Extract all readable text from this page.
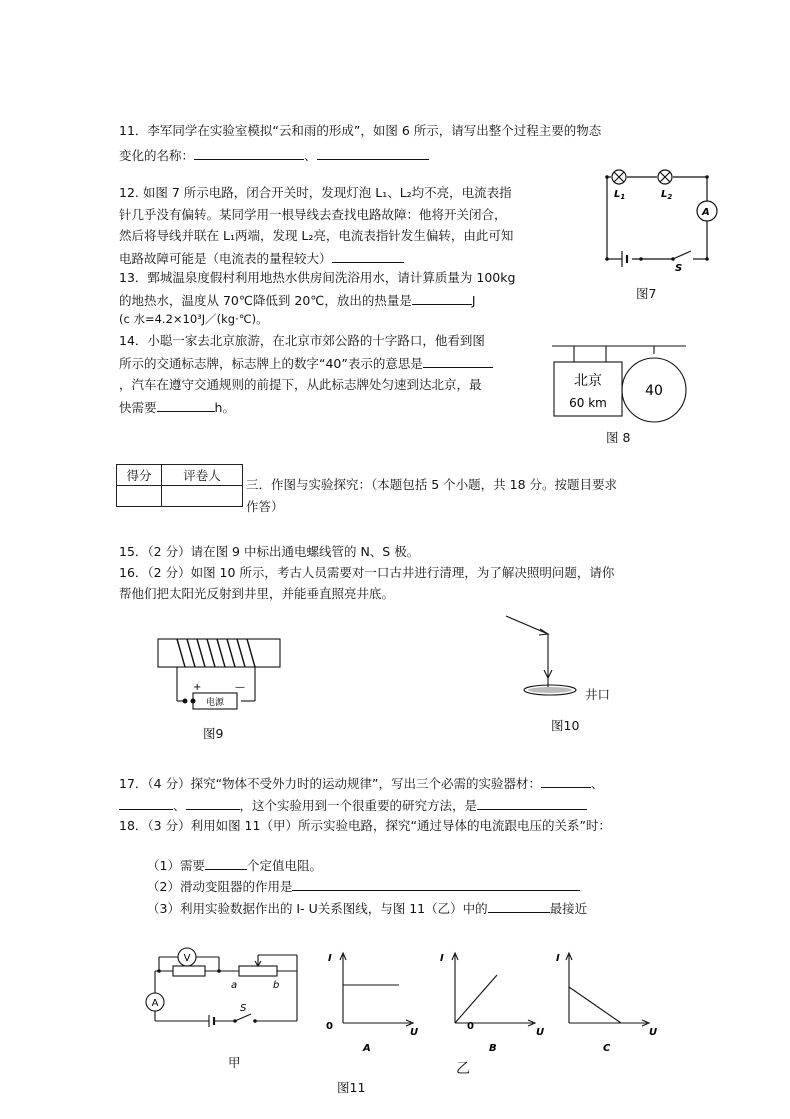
11．李军同学在实验室模拟“云和雨的形成”，如图 6 所示，请写出整个过程主要的物态
变化的名称：	、
12. 如图 7 所示电路，闭合开关时，发现灯泡 L₁、L₂均不亮，电流表指
针几乎没有偏转。某同学用一根导线去查找电路故障：他将开关闭合，
然后将导线并联在 L₁两端，发现 L₂亮，电流表指针发生偏转，由此可知
电路故障可能是（电流表的量程较大）
13．鄄城温泉度假村利用地热水供房间洗浴用水，请计算质量为 100kg
的地热水，温度从 70℃降低到 20℃，放出的热量是	J
(c 水=4.2×10³J／(kg·℃)。
14．小聪一家去北京旅游，在北京市郊公路的十字路口，他看到图
所示的交通标志牌，标志牌上的数字“40”表示的意思是
，汽车在遵守交通规则的前提下，从此标志牌处匀速到达北京，最
快需要	h。
$L_1$	$L_2$
A
S
图7
北京
60 km
40
图 8
得分	评卷人

三．作图与实验探究：（本题包括 5 个小题，共 18 分。按题目要求
作答）
15．（2 分）请在图 9 中标出通电螺线管的 N、S 极。
16．（2 分）如图 10 所示，考古人员需要对一口古井进行清理，为了解决照明问题，请你
帮他们把太阳光反射到井里，并能垂直照亮井底。
电源
+	—
图9
井口
图10
17．（4 分）探究“物体不受外力时的运动规律”，写出三个必需的实验器材：	、
、	，这个实验用到一个很重要的研究方法，是
18．（3 分）利用如图 11（甲）所示实验电路，探究“通过导体的电流跟电压的关系”时：
（1）需要	个定值电阻。
（2）滑动变阻器的作用是
（3）利用实验数据作出的 I- U关系图线，与图 11（乙）中的	最接近
V
A
a	b
S
甲
I
U
0
A
I
U
0
B
I
U
C
乙
图11
